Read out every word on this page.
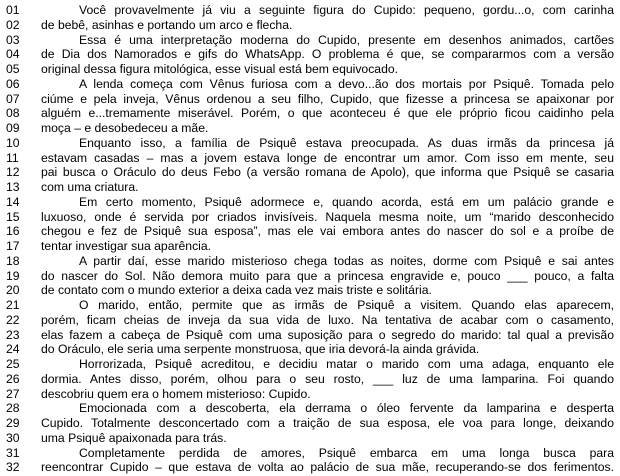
01	Você provavelmente já viu a seguinte figura do Cupido: pequeno, gordu...o, com carinha
02	de bebê, asinhas e portando um arco e flecha.
03	Essa é uma interpretação moderna do Cupido, presente em desenhos animados, cartões
04	de Dia dos Namorados e gifs do WhatsApp. O problema é que, se compararmos com a versão
05	original dessa figura mitológica, esse visual está bem equivocado.
06	A lenda começa com Vênus furiosa com a devo...ão dos mortais por Psiquê. Tomada pelo
07	ciúme e pela inveja, Vênus ordenou a seu filho, Cupido, que fizesse a princesa se apaixonar por
08	alguém e...tremamente miserável. Porém, o que aconteceu é que ele próprio ficou caidinho pela
09	moça – e desobedeceu a mãe.
10	Enquanto isso, a família de Psiquê estava preocupada. As duas irmãs da princesa já
11	estavam casadas – mas a jovem estava longe de encontrar um amor. Com isso em mente, seu
12	pai busca o Oráculo do deus Febo (a versão romana de Apolo), que informa que Psiquê se casaria
13	com uma criatura.
14	Em certo momento, Psiquê adormece e, quando acorda, está em um palácio grande e
15	luxuoso, onde é servida por criados invisíveis. Naquela mesma noite, um “marido desconhecido
16	chegou e fez de Psiquê sua esposa”, mas ele vai embora antes do nascer do sol e a proíbe de
17	tentar investigar sua aparência.
18	A partir daí, esse marido misterioso chega todas as noites, dorme com Psiquê e sai antes
19	do nascer do Sol. Não demora muito para que a princesa engravide e, pouco ___ pouco, a falta
20	de contato com o mundo exterior a deixa cada vez mais triste e solitária.
21	O marido, então, permite que as irmãs de Psiquê a visitem. Quando elas aparecem,
22	porém, ficam cheias de inveja da sua vida de luxo. Na tentativa de acabar com o casamento,
23	elas fazem a cabeça de Psiquê com uma suposição para o segredo do marido: tal qual a previsão
24	do Oráculo, ele seria uma serpente monstruosa, que iria devorá-la ainda grávida.
25	Horrorizada, Psiquê acreditou, e decidiu matar o marido com uma adaga, enquanto ele
26	dormia. Antes disso, porém, olhou para o seu rosto, ___ luz de uma lamparina. Foi quando
27	descobriu quem era o homem misterioso: Cupido.
28	Emocionada com a descoberta, ela derrama o óleo fervente da lamparina e desperta
29	Cupido. Totalmente desconcertado com a traição de sua esposa, ele voa para longe, deixando
30	uma Psiquê apaixonada para trás.
31	Completamente perdida de amores, Psiquê embarca em uma longa busca para
32	reencontrar Cupido – que estava de volta ao palácio de sua mãe, recuperando-se dos ferimentos.
